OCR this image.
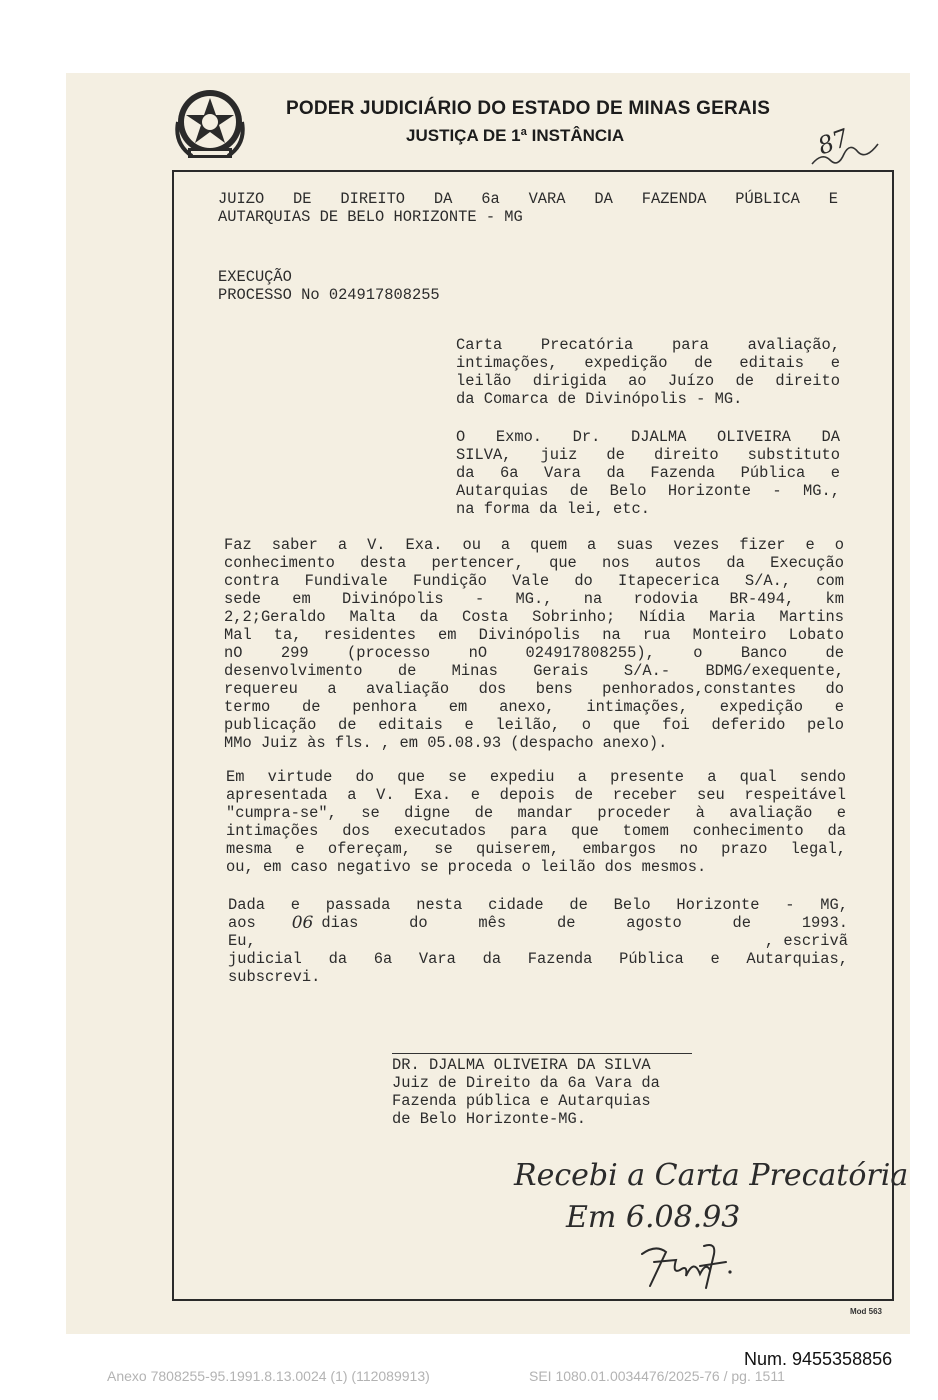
PODER JUDICIÁRIO DO ESTADO DE MINAS GERAIS
JUSTIÇA DE 1ª INSTÂNCIA	87
JUIZO DE DIREITO DA 6a VARA DA FAZENDA PÚBLICA E
AUTARQUIAS DE BELO HORIZONTE - MG
EXECUÇÃO
PROCESSO No 024917808255
Carta Precatória para avaliação,
intimações, expedição de editais e
leilão dirigida ao Juízo de direito
da Comarca de Divinópolis - MG.
O Exmo. Dr. DJALMA OLIVEIRA DA
SILVA, juiz de direito substituto
da 6a Vara da Fazenda Pública e
Autarquias de Belo Horizonte - MG.,
na forma da lei, etc.
Faz saber a V. Exa. ou a quem a suas vezes fizer e o
conhecimento desta pertencer, que nos autos da Execução
contra Fundivale Fundição Vale do Itapecerica S/A., com
sede em Divinópolis - MG., na rodovia BR-494, km
2,2;Geraldo Malta da Costa Sobrinho; Nídia Maria Martins
Mal ta, residentes em Divinópolis na rua Monteiro Lobato
nO 299 (processo nO 024917808255), o Banco de
desenvolvimento de Minas Gerais S/A.- BDMG/exequente,
requereu a avaliação dos bens penhorados,constantes do
termo de penhora em anexo, intimações, expedição e
publicação de editais e leilão, o que foi deferido pelo
MMo Juiz às fls. , em 05.08.93 (despacho anexo).
Em virtude do que se expediu a presente a qual sendo
apresentada a V. Exa. e depois de receber seu respeitável
"cumpra-se", se digne de mandar proceder à avaliação e
intimações dos executados para que tomem conhecimento da
mesma e ofereçam, se quiserem, embargos no prazo legal,
ou, em caso negativo se proceda o leilão dos mesmos.
Dada e passada nesta cidade de Belo Horizonte - MG,
aos 06 dias do mês de agosto de 1993.
Eu,	, escrivã
judicial da 6a Vara da Fazenda Pública e Autarquias,
subscrevi.
DR. DJALMA OLIVEIRA DA SILVA
Juiz de Direito da 6a Vara da
Fazenda pública e Autarquias
de Belo Horizonte-MG.
Recebi a Carta Precatória
Em 6.08.93
Mod 563
Num. 9455358856
Anexo 7808255-95.1991.8.13.0024 (1) (112089913)	SEI 1080.01.0034476/2025-76 / pg. 1511
